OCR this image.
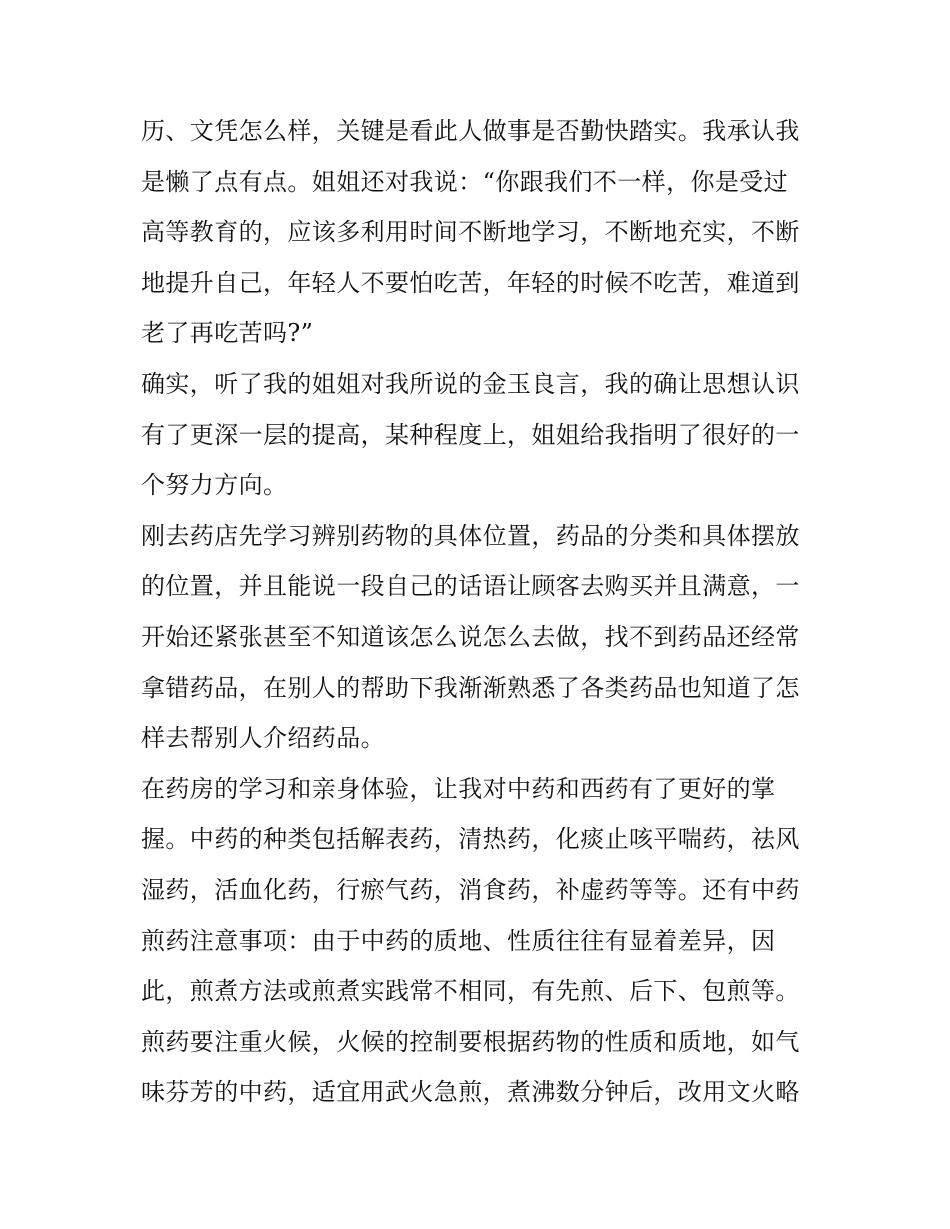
历、文凭怎么样，关键是看此人做事是否勤快踏实。我承认我
是懒了点有点。姐姐还对我说：“你跟我们不一样，你是受过
高等教育的，应该多利用时间不断地学习，不断地充实，不断
地提升自己，年轻人不要怕吃苦，年轻的时候不吃苦，难道到
老了再吃苦吗?”
确实，听了我的姐姐对我所说的金玉良言，我的确让思想认识
有了更深一层的提高，某种程度上，姐姐给我指明了很好的一
个努力方向。
刚去药店先学习辨别药物的具体位置，药品的分类和具体摆放
的位置，并且能说一段自己的话语让顾客去购买并且满意，一
开始还紧张甚至不知道该怎么说怎么去做，找不到药品还经常
拿错药品，在别人的帮助下我渐渐熟悉了各类药品也知道了怎
样去帮别人介绍药品。
在药房的学习和亲身体验，让我对中药和西药有了更好的掌
握。中药的种类包括解表药，清热药，化痰止咳平喘药，祛风
湿药，活血化药，行瘀气药，消食药，补虚药等等。还有中药
煎药注意事项：由于中药的质地、性质往往有显着差异，因
此，煎煮方法或煎煮实践常不相同，有先煎、后下、包煎等。
煎药要注重火候，火候的控制要根据药物的性质和质地，如气
味芬芳的中药，适宜用武火急煎，煮沸数分钟后，改用文火略
